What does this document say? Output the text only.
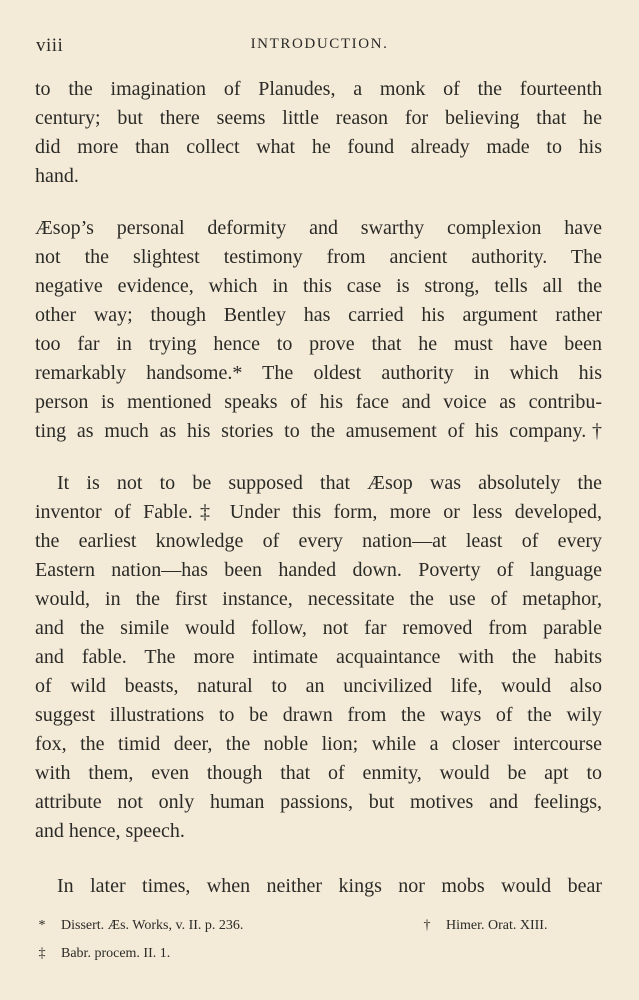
viii	INTRODUCTION.
to the imagination of Planudes, a monk of the fourteenth
century; but there seems little reason for believing that he
did more than collect what he found already made to his
hand.
Æsop’s personal deformity and swarthy complexion have
not the slightest testimony from ancient authority. The
negative evidence, which in this case is strong, tells all the
other way; though Bentley has carried his argument rather
too far in trying hence to prove that he must have been
remarkably handsome.* The oldest authority in which his
person is mentioned speaks of his face and voice as contribu-
ting as much as his stories to the amusement of his company.†
It is not to be supposed that Æsop was absolutely the
inventor of Fable.‡ Under this form, more or less developed,
the earliest knowledge of every nation—at least of every
Eastern nation—has been handed down. Poverty of language
would, in the first instance, necessitate the use of metaphor,
and the simile would follow, not far removed from parable
and fable. The more intimate acquaintance with the habits
of wild beasts, natural to an uncivilized life, would also
suggest illustrations to be drawn from the ways of the wily
fox, the timid deer, the noble lion; while a closer intercourse
with them, even though that of enmity, would be apt to
attribute not only human passions, but motives and feelings,
and hence, speech.
In later times, when neither kings nor mobs would bear
* Dissert. Æs. Works, v. II. p. 236.	† Himer. Orat. XIII.
‡ Babr. procem. II. 1.
